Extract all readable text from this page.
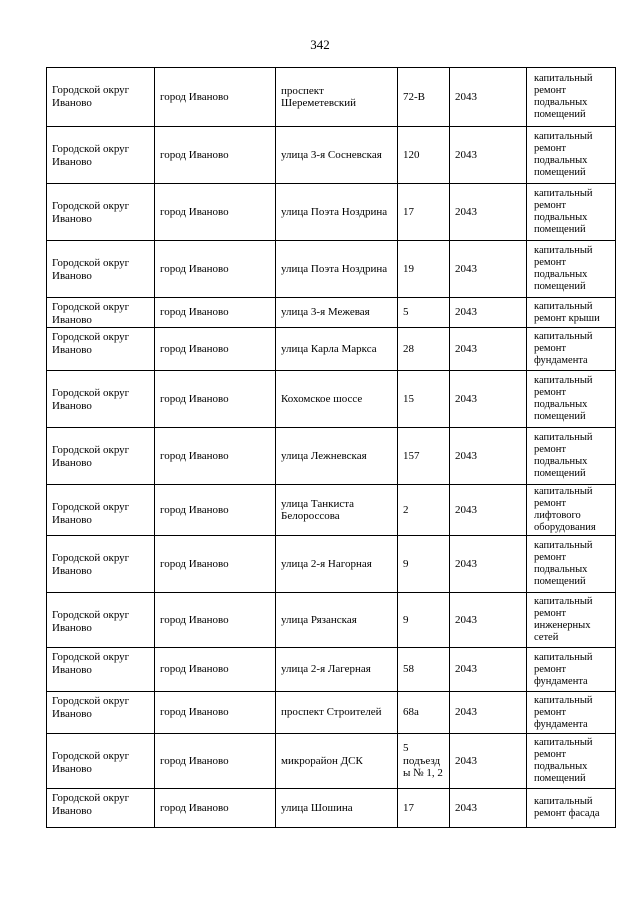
342
Городской округ Иваново	город Иваново	проспект Шереметевский	72-В	2043	капитальный ремонт подвальных помещений
Городской округ Иваново	город Иваново	улица 3-я Сосневская	120	2043	капитальный ремонт подвальных помещений
Городской округ Иваново	город Иваново	улица Поэта Ноздрина	17	2043	капитальный ремонт подвальных помещений
Городской округ Иваново	город Иваново	улица Поэта Ноздрина	19	2043	капитальный ремонт подвальных помещений
Городской округ Иваново	город Иваново	улица 3-я Межевая	5	2043	капитальный ремонт крыши
Городской округ Иваново	город Иваново	улица Карла Маркса	28	2043	капитальный ремонт фундамента
Городской округ Иваново	город Иваново	Кохомское шоссе	15	2043	капитальный ремонт подвальных помещений
Городской округ Иваново	город Иваново	улица Лежневская	157	2043	капитальный ремонт подвальных помещений
Городской округ Иваново	город Иваново	улица Танкиста Белороссова	2	2043	капитальный ремонт лифтового оборудования
Городской округ Иваново	город Иваново	улица 2-я Нагорная	9	2043	капитальный ремонт подвальных помещений
Городской округ Иваново	город Иваново	улица Рязанская	9	2043	капитальный ремонт инженерных сетей
Городской округ Иваново	город Иваново	улица 2-я Лагерная	58	2043	капитальный ремонт фундамента
Городской округ Иваново	город Иваново	проспект Строителей	68а	2043	капитальный ремонт фундамента
Городской округ Иваново	город Иваново	микрорайон ДСК	5 подъезд ы № 1, 2	2043	капитальный ремонт подвальных помещений
Городской округ Иваново	город Иваново	улица Шошина	17	2043	капитальный ремонт фасада
